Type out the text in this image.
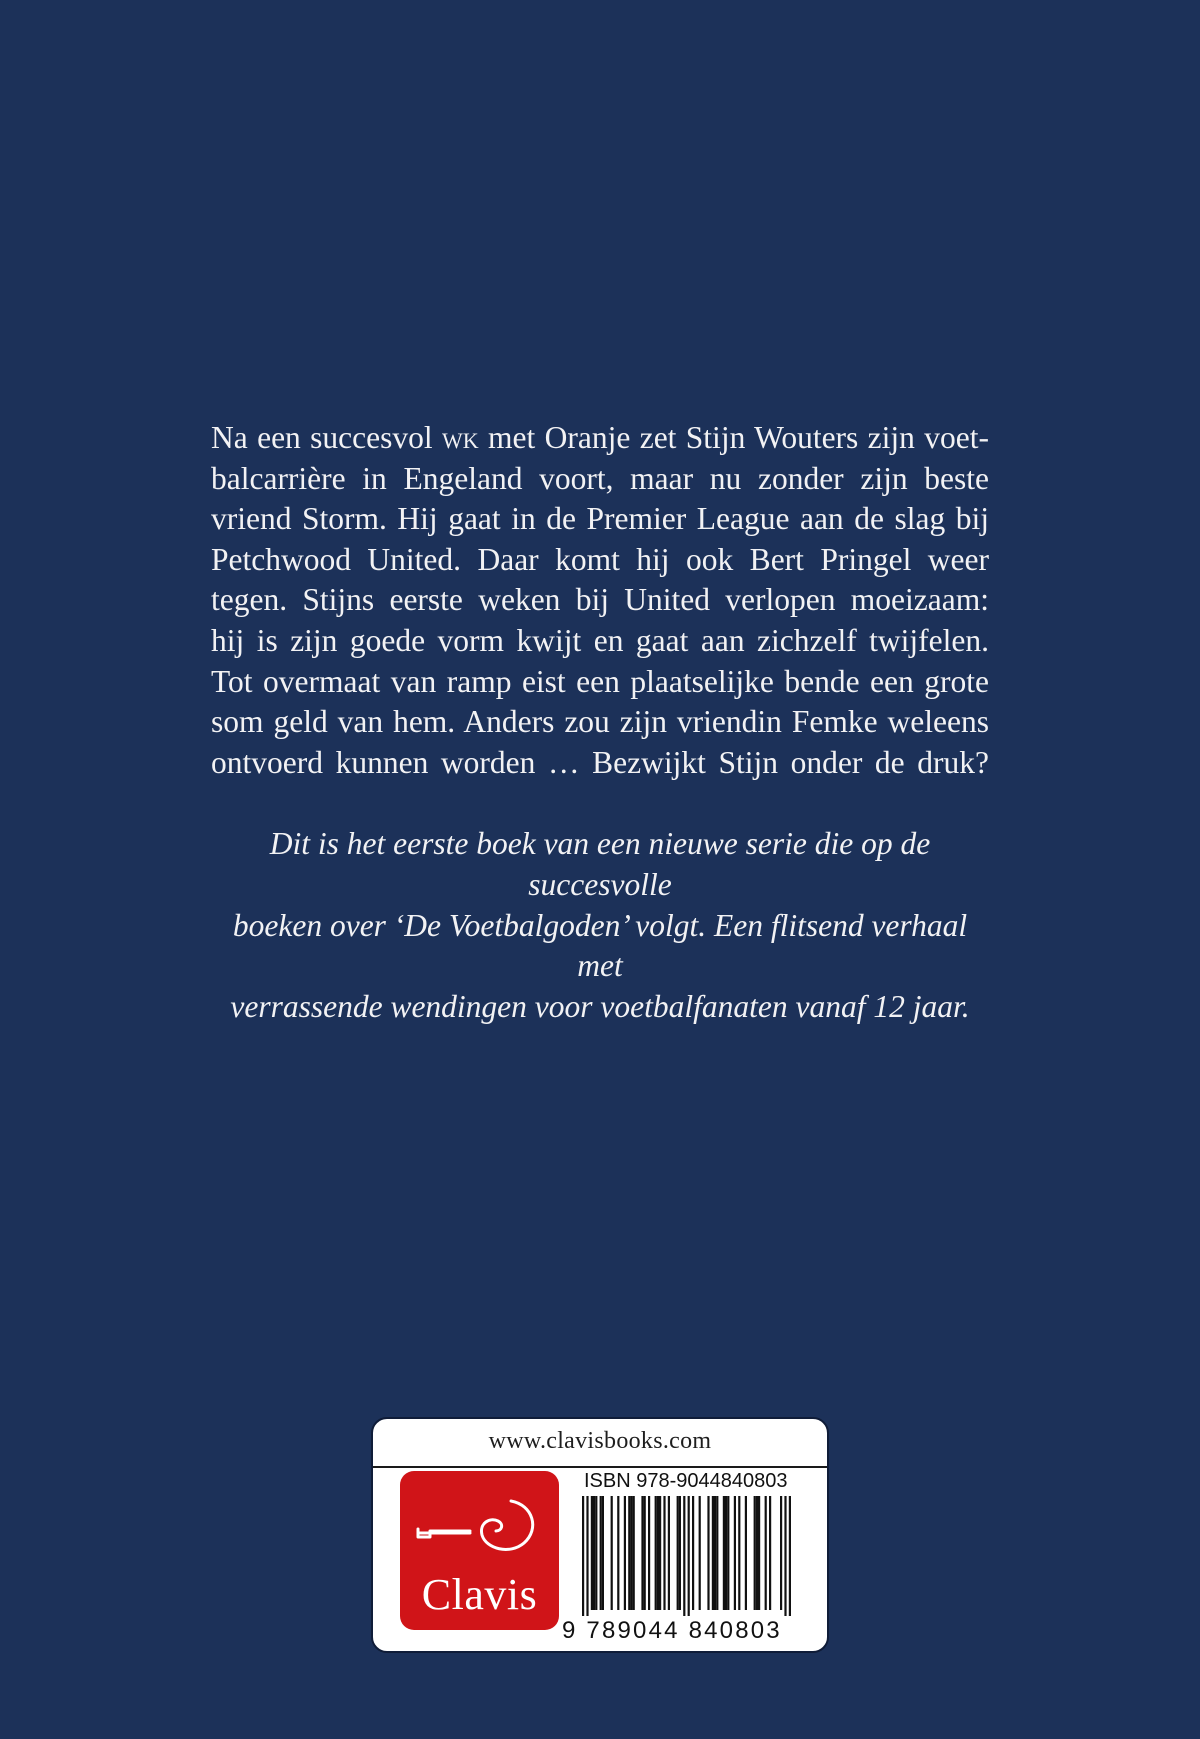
Na een succesvol wk met Oranje zet Stijn Wouters zijn voet-
balcarrière in Engeland voort, maar nu zonder zijn beste
vriend Storm. Hij gaat in de Premier League aan de slag bij
Petchwood United. Daar komt hij ook Bert Pringel weer
tegen. Stijns eerste weken bij United verlopen moeizaam:
hij is zijn goede vorm kwijt en gaat aan zichzelf twijfelen.
Tot overmaat van ramp eist een plaatselijke bende een grote
som geld van hem. Anders zou zijn vriendin Femke weleens
ontvoerd kunnen worden … Bezwijkt Stijn onder de druk?

Dit is het eerste boek van een nieuwe serie die op de succesvolle
boeken over ‘De Voetbalgoden’ volgt. Een flitsend verhaal met
verrassende wendingen voor voetbalfanaten vanaf 12 jaar.

www.clavisbooks.com
Clavis
ISBN 978-9044840803
9 789044 840803
